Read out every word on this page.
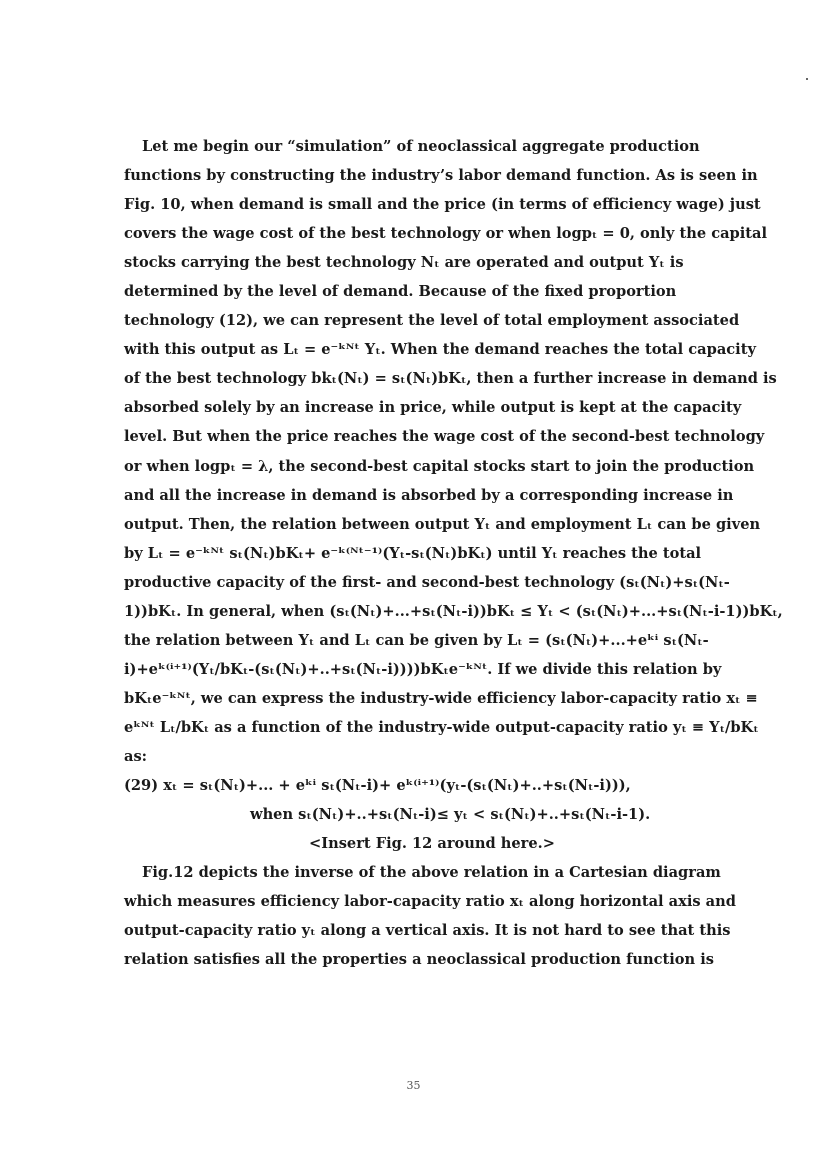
Let me begin our “simulation” of neoclassical aggregate production
functions by constructing the industry’s labor demand function. As is seen in
Fig. 10, when demand is small and the price (in terms of efficiency wage) just
covers the wage cost of the best technology or when logpₜ = 0, only the capital
stocks carrying the best technology Nₜ are operated and output Yₜ is
determined by the level of demand. Because of the fixed proportion
technology (12), we can represent the level of total employment associated
with this output as Lₜ = e⁻ᵏᴺᵗ Yₜ. When the demand reaches the total capacity
of the best technology bkₜ(Nₜ) = sₜ(Nₜ)bKₜ, then a further increase in demand is
absorbed solely by an increase in price, while output is kept at the capacity
level. But when the price reaches the wage cost of the second-best technology
or when logpₜ = λ, the second-best capital stocks start to join the production
and all the increase in demand is absorbed by a corresponding increase in
output. Then, the relation between output Yₜ and employment Lₜ can be given
by Lₜ = e⁻ᵏᴺᵗ sₜ(Nₜ)bKₜ+ e⁻ᵏ⁽ᴺᵗ⁻¹⁾(Yₜ-sₜ(Nₜ)bKₜ) until Yₜ reaches the total
productive capacity of the first- and second-best technology (sₜ(Nₜ)+sₜ(Nₜ-
1))bKₜ. In general, when (sₜ(Nₜ)+...+sₜ(Nₜ-i))bKₜ ≤ Yₜ < (sₜ(Nₜ)+...+sₜ(Nₜ-i-1))bKₜ,
the relation between Yₜ and Lₜ can be given by Lₜ = (sₜ(Nₜ)+...+eᵏⁱ sₜ(Nₜ-
i)+eᵏ⁽ⁱ⁺¹⁾(Yₜ/bKₜ-(sₜ(Nₜ)+..+sₜ(Nₜ-i))))bKₜe⁻ᵏᴺᵗ. If we divide this relation by
bKₜe⁻ᵏᴺᵗ, we can express the industry-wide efficiency labor-capacity ratio xₜ ≡
eᵏᴺᵗ Lₜ/bKₜ as a function of the industry-wide output-capacity ratio yₜ ≡ Yₜ/bKₜ
as:
(29) xₜ = sₜ(Nₜ)+... + eᵏⁱ sₜ(Nₜ-i)+ eᵏ⁽ⁱ⁺¹⁾(yₜ-(sₜ(Nₜ)+..+sₜ(Nₜ-i))),
when sₜ(Nₜ)+..+sₜ(Nₜ-i)≤ yₜ < sₜ(Nₜ)+..+sₜ(Nₜ-i-1).
<Insert Fig. 12 around here.>
Fig.12 depicts the inverse of the above relation in a Cartesian diagram
which measures efficiency labor-capacity ratio xₜ along horizontal axis and
output-capacity ratio yₜ along a vertical axis. It is not hard to see that this
relation satisfies all the properties a neoclassical production function is
35
